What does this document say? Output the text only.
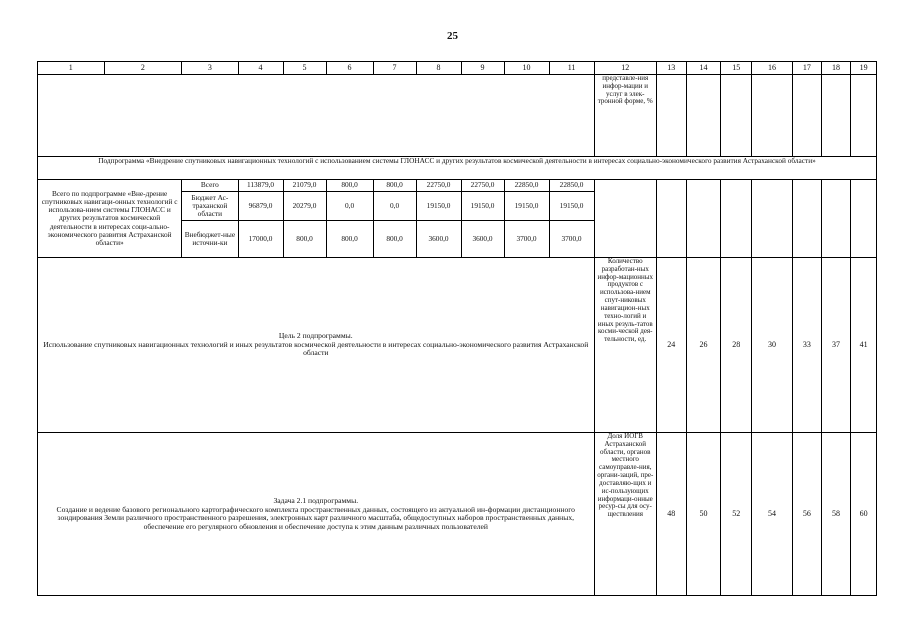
25
1	2	3	4	5	6	7	8	9	10	11	12	13	14	15	16	17	18	19
											представле-ния инфор-мации и услуг в элек-тронной форме, %							
Подпрограмма «Внедрение спутниковых навигационных технологий с использованием системы ГЛОНАСС и других результатов космической деятельности в интересах социально-экономического развития Астраханской области»																		
Всего по подпрограмме «Вне-дрение спутниковых навигаци-онных технологий с использова-нием системы ГЛОНАСС и других результатов космической деятельности в интересах соци-ально-экономического развития Астраханской области»		Всего	113879,0	21079,0	800,0	800,0	22750,0	22750,0	22850,0	22850,0								
		Бюджет Ас-траханской области	96879,0	20279,0	0,0	0,0	19150,0	19150,0	19150,0	19150,0								
		Внебюджет-ные источни-ки	17000,0	800,0	800,0	800,0	3600,0	3600,0	3700,0	3700,0								

Цель 2 подпрограммы.
Использование спутниковых навигационных технологий и иных результатов космической деятельности в интересах социально-экономического развития Астраханской области											Количество разработан-ных инфор-мационных продуктов с использова-нием спут-никовых навигацион-ных техно-логий и иных резуль-татов косми-ческой дея-тельности, ед.	24	26	28	30	33	37	41

Задача 2.1 подпрограммы.
Создание и ведение базового регионального картографического комплекта пространственных данных, состоящего из актуальной ин-формации дистанционного зондирования Земли различного пространственного разрешения, электронных карт различного масштаба, общедоступных наборов пространственных данных, обеспечение его регулярного обновления и обеспечение доступа к этим данным различных пользователей											Доля ИОГВ Астраханской области, органов местного самоуправле-ния, органи-заций, пре-доставляю-щих и ис-пользующих информаци-онные ресур-сы для осу-ществления	48	50	52	54	56	58	60
